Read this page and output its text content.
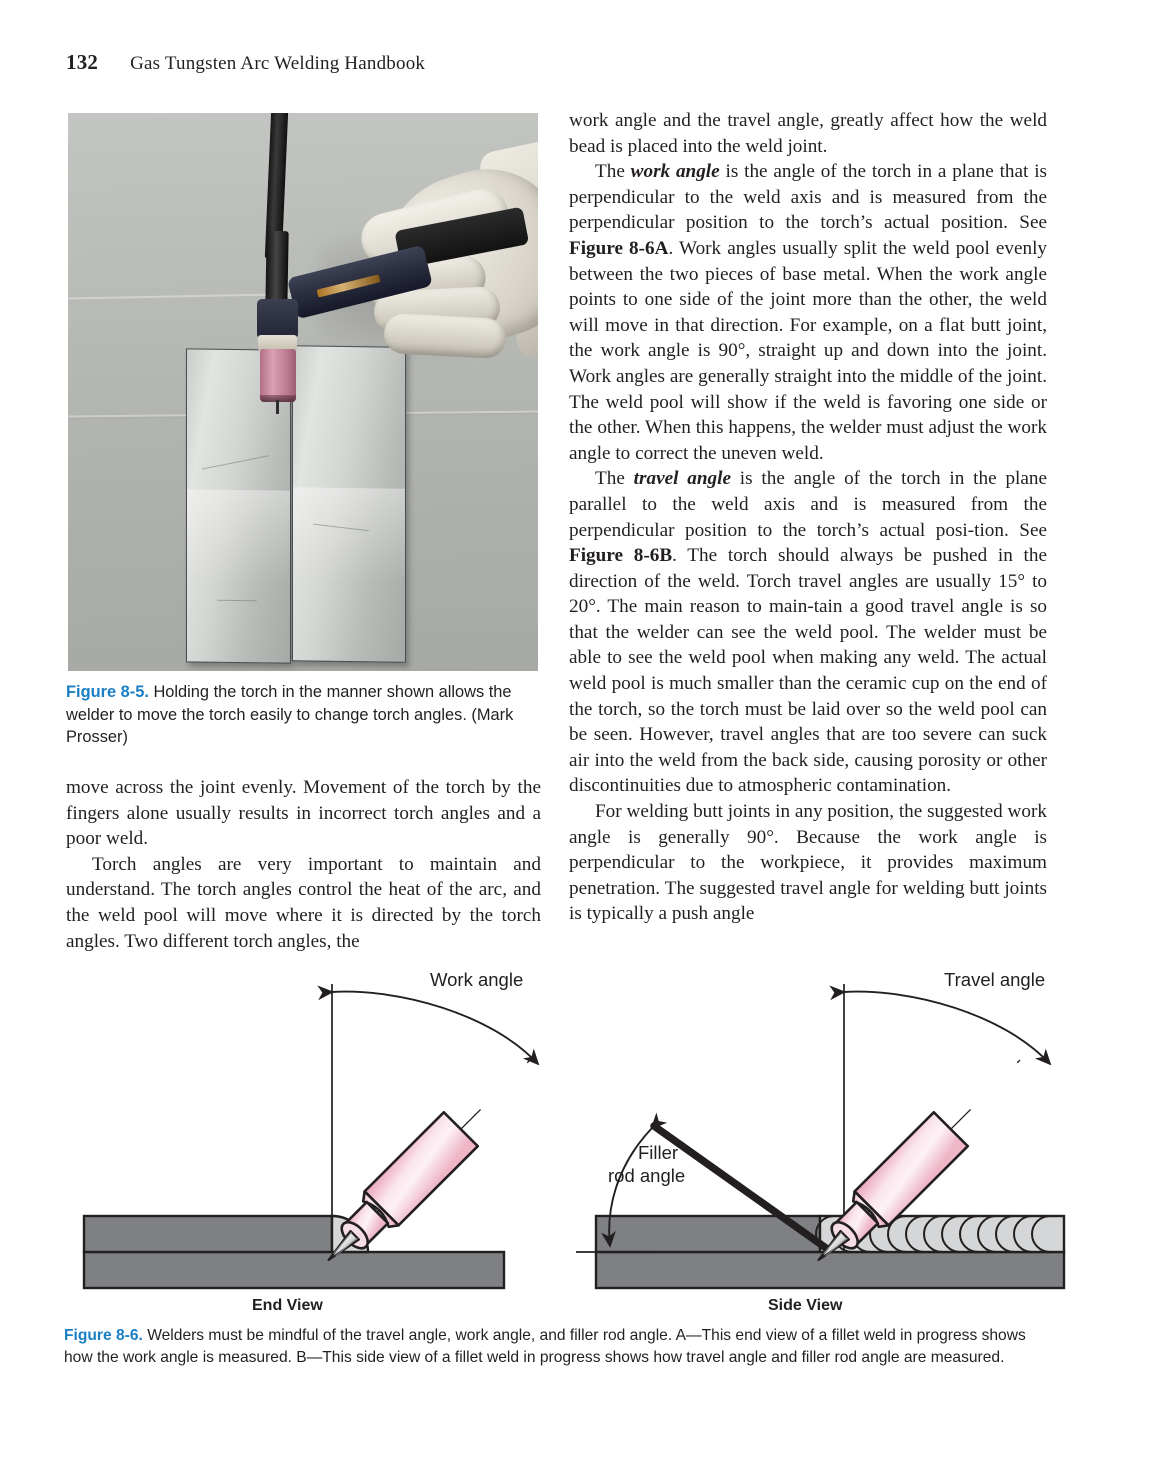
132 Gas Tungsten Arc Welding Handbook
Figure 8-5. Holding the torch in the manner shown allows the welder to move the torch easily to change torch angles. (Mark Prosser)

move across the joint evenly. Movement of the torch by the fingers alone usually results in incorrect torch angles and a poor weld.

Torch angles are very important to maintain and understand. The torch angles control the heat of the arc, and the weld pool will move where it is directed by the torch angles. Two different torch angles, the

work angle and the travel angle, greatly affect how the weld bead is placed into the weld joint.

The work angle is the angle of the torch in a plane that is perpendicular to the weld axis and is measured from the perpendicular position to the torch’s actual position. See Figure 8-6A. Work angles usually split the weld pool evenly between the two pieces of base metal. When the work angle points to one side of the joint more than the other, the weld will move in that direction. For example, on a flat butt joint, the work angle is 90°, straight up and down into the joint. Work angles are generally straight into the middle of the joint. The weld pool will show if the weld is favoring one side or the other. When this happens, the welder must adjust the work angle to correct the uneven weld.

The travel angle is the angle of the torch in the plane parallel to the weld axis and is measured from the perpendicular position to the torch’s actual posi-tion. See Figure 8-6B. The torch should always be pushed in the direction of the weld. Torch travel angles are usually 15° to 20°. The main reason to main-tain a good travel angle is so that the welder can see the weld pool. The welder must be able to see the weld pool when making any weld. The actual weld pool is much smaller than the ceramic cup on the end of the torch, so the torch must be laid over so the weld pool can be seen. However, travel angles that are too severe can suck air into the weld from the back side, causing porosity or other discontinuities due to atmospheric contamination.

For welding butt joints in any position, the suggested work angle is generally 90°. Because the work angle is perpendicular to the workpiece, it provides maximum penetration. The suggested travel angle for welding butt joints is typically a push angle

Work angle
Filler
rod angle
Travel angle
End View	Side View
Figure 8-6. Welders must be mindful of the travel angle, work angle, and filler rod angle. A—This end view of a fillet weld in progress shows how the work angle is measured. B—This side view of a fillet weld in progress shows how travel angle and filler rod angle are measured.
